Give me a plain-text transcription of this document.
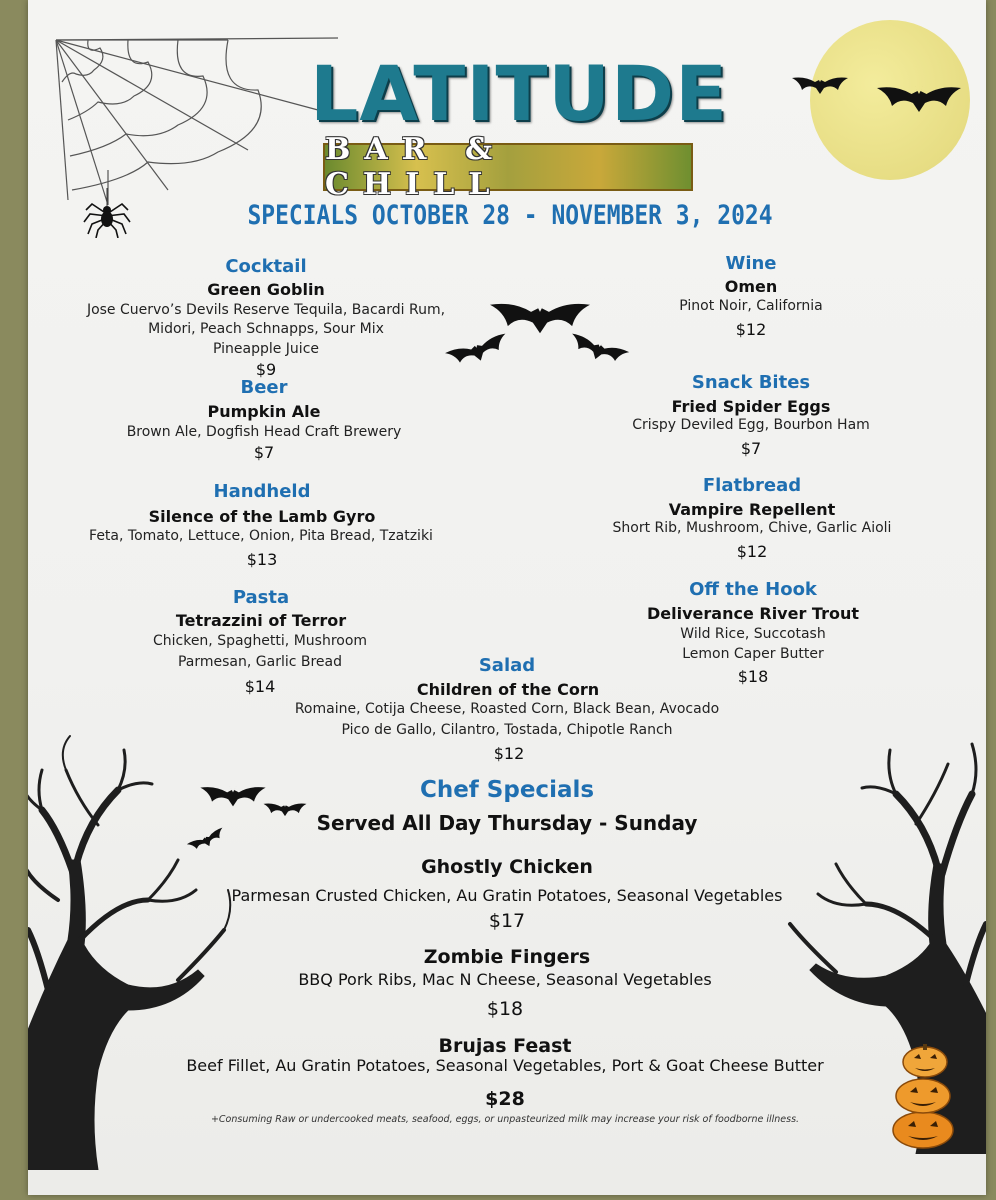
LATITUDE
BAR & CHILL
SPECIALS OCTOBER 28 - NOVEMBER 3, 2024
Cocktail
Green Goblin
Jose Cuervo’s Devils Reserve Tequila, Bacardi Rum,
Midori, Peach Schnapps, Sour Mix
Pineapple Juice
$9
Beer
Pumpkin Ale
Brown Ale, Dogfish Head Craft Brewery
$7
Handheld
Silence of the Lamb Gyro
Feta, Tomato, Lettuce, Onion, Pita Bread, Tzatziki
$13
Pasta
Tetrazzini of Terror
Chicken, Spaghetti, Mushroom
Parmesan, Garlic Bread
$14
Wine
Omen
Pinot Noir, California
$12
Snack Bites
Fried Spider Eggs
Crispy Deviled Egg, Bourbon Ham
$7
Flatbread
Vampire Repellent
Short Rib, Mushroom, Chive, Garlic Aioli
$12
Off the Hook
Deliverance River Trout
Wild Rice, Succotash
Lemon Caper Butter
$18
Salad
Children of the Corn
Romaine, Cotija Cheese, Roasted Corn, Black Bean, Avocado
Pico de Gallo, Cilantro, Tostada, Chipotle Ranch
$12
Chef Specials
Served All Day Thursday - Sunday
Ghostly Chicken
Parmesan Crusted Chicken, Au Gratin Potatoes, Seasonal Vegetables
$17
Zombie Fingers
BBQ Pork Ribs, Mac N Cheese, Seasonal Vegetables
$18
Brujas Feast
Beef Fillet, Au Gratin Potatoes, Seasonal Vegetables, Port & Goat Cheese Butter
$28
+Consuming Raw or undercooked meats, seafood, eggs, or unpasteurized milk may increase your risk of foodborne illness.
